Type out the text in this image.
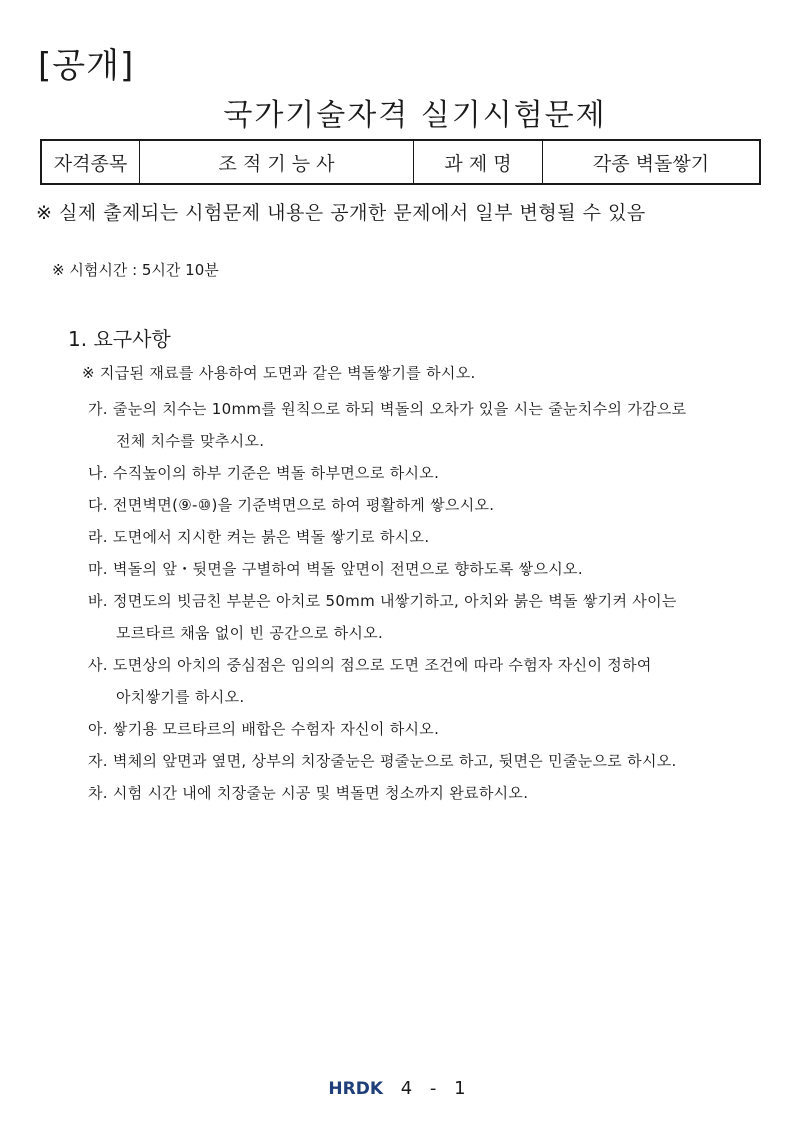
[공개]
국가기술자격 실기시험문제
자격종목	조 적 기 능 사	과 제 명	각종 벽돌쌓기
※ 실제 출제되는 시험문제 내용은 공개한 문제에서 일부 변형될 수 있음
※ 시험시간 : 5시간 10분
1. 요구사항
※ 지급된 재료를 사용하여 도면과 같은 벽돌쌓기를 하시오.
가. 줄눈의 치수는 10mm를 원칙으로 하되 벽돌의 오차가 있을 시는 줄눈치수의 가감으로
전체 치수를 맞추시오.
나. 수직높이의 하부 기준은 벽돌 하부면으로 하시오.
다. 전면벽면(⑨-⑩)을 기준벽면으로 하여 평활하게 쌓으시오.
라. 도면에서 지시한 켜는 붉은 벽돌 쌓기로 하시오.
마. 벽돌의 앞・뒷면을 구별하여 벽돌 앞면이 전면으로 향하도록 쌓으시오.
바. 정면도의 빗금친 부분은 아치로 50mm 내쌓기하고, 아치와 붉은 벽돌 쌓기켜 사이는
모르타르 채움 없이 빈 공간으로 하시오.
사. 도면상의 아치의 중심점은 임의의 점으로 도면 조건에 따라 수험자 자신이 정하여
아치쌓기를 하시오.
아. 쌓기용 모르타르의 배합은 수험자 자신이 하시오.
자. 벽체의 앞면과 옆면, 상부의 치장줄눈은 평줄눈으로 하고, 뒷면은 민줄눈으로 하시오.
차. 시험 시간 내에 치장줄눈 시공 및 벽돌면 청소까지 완료하시오.
HRDK 4 - 1
